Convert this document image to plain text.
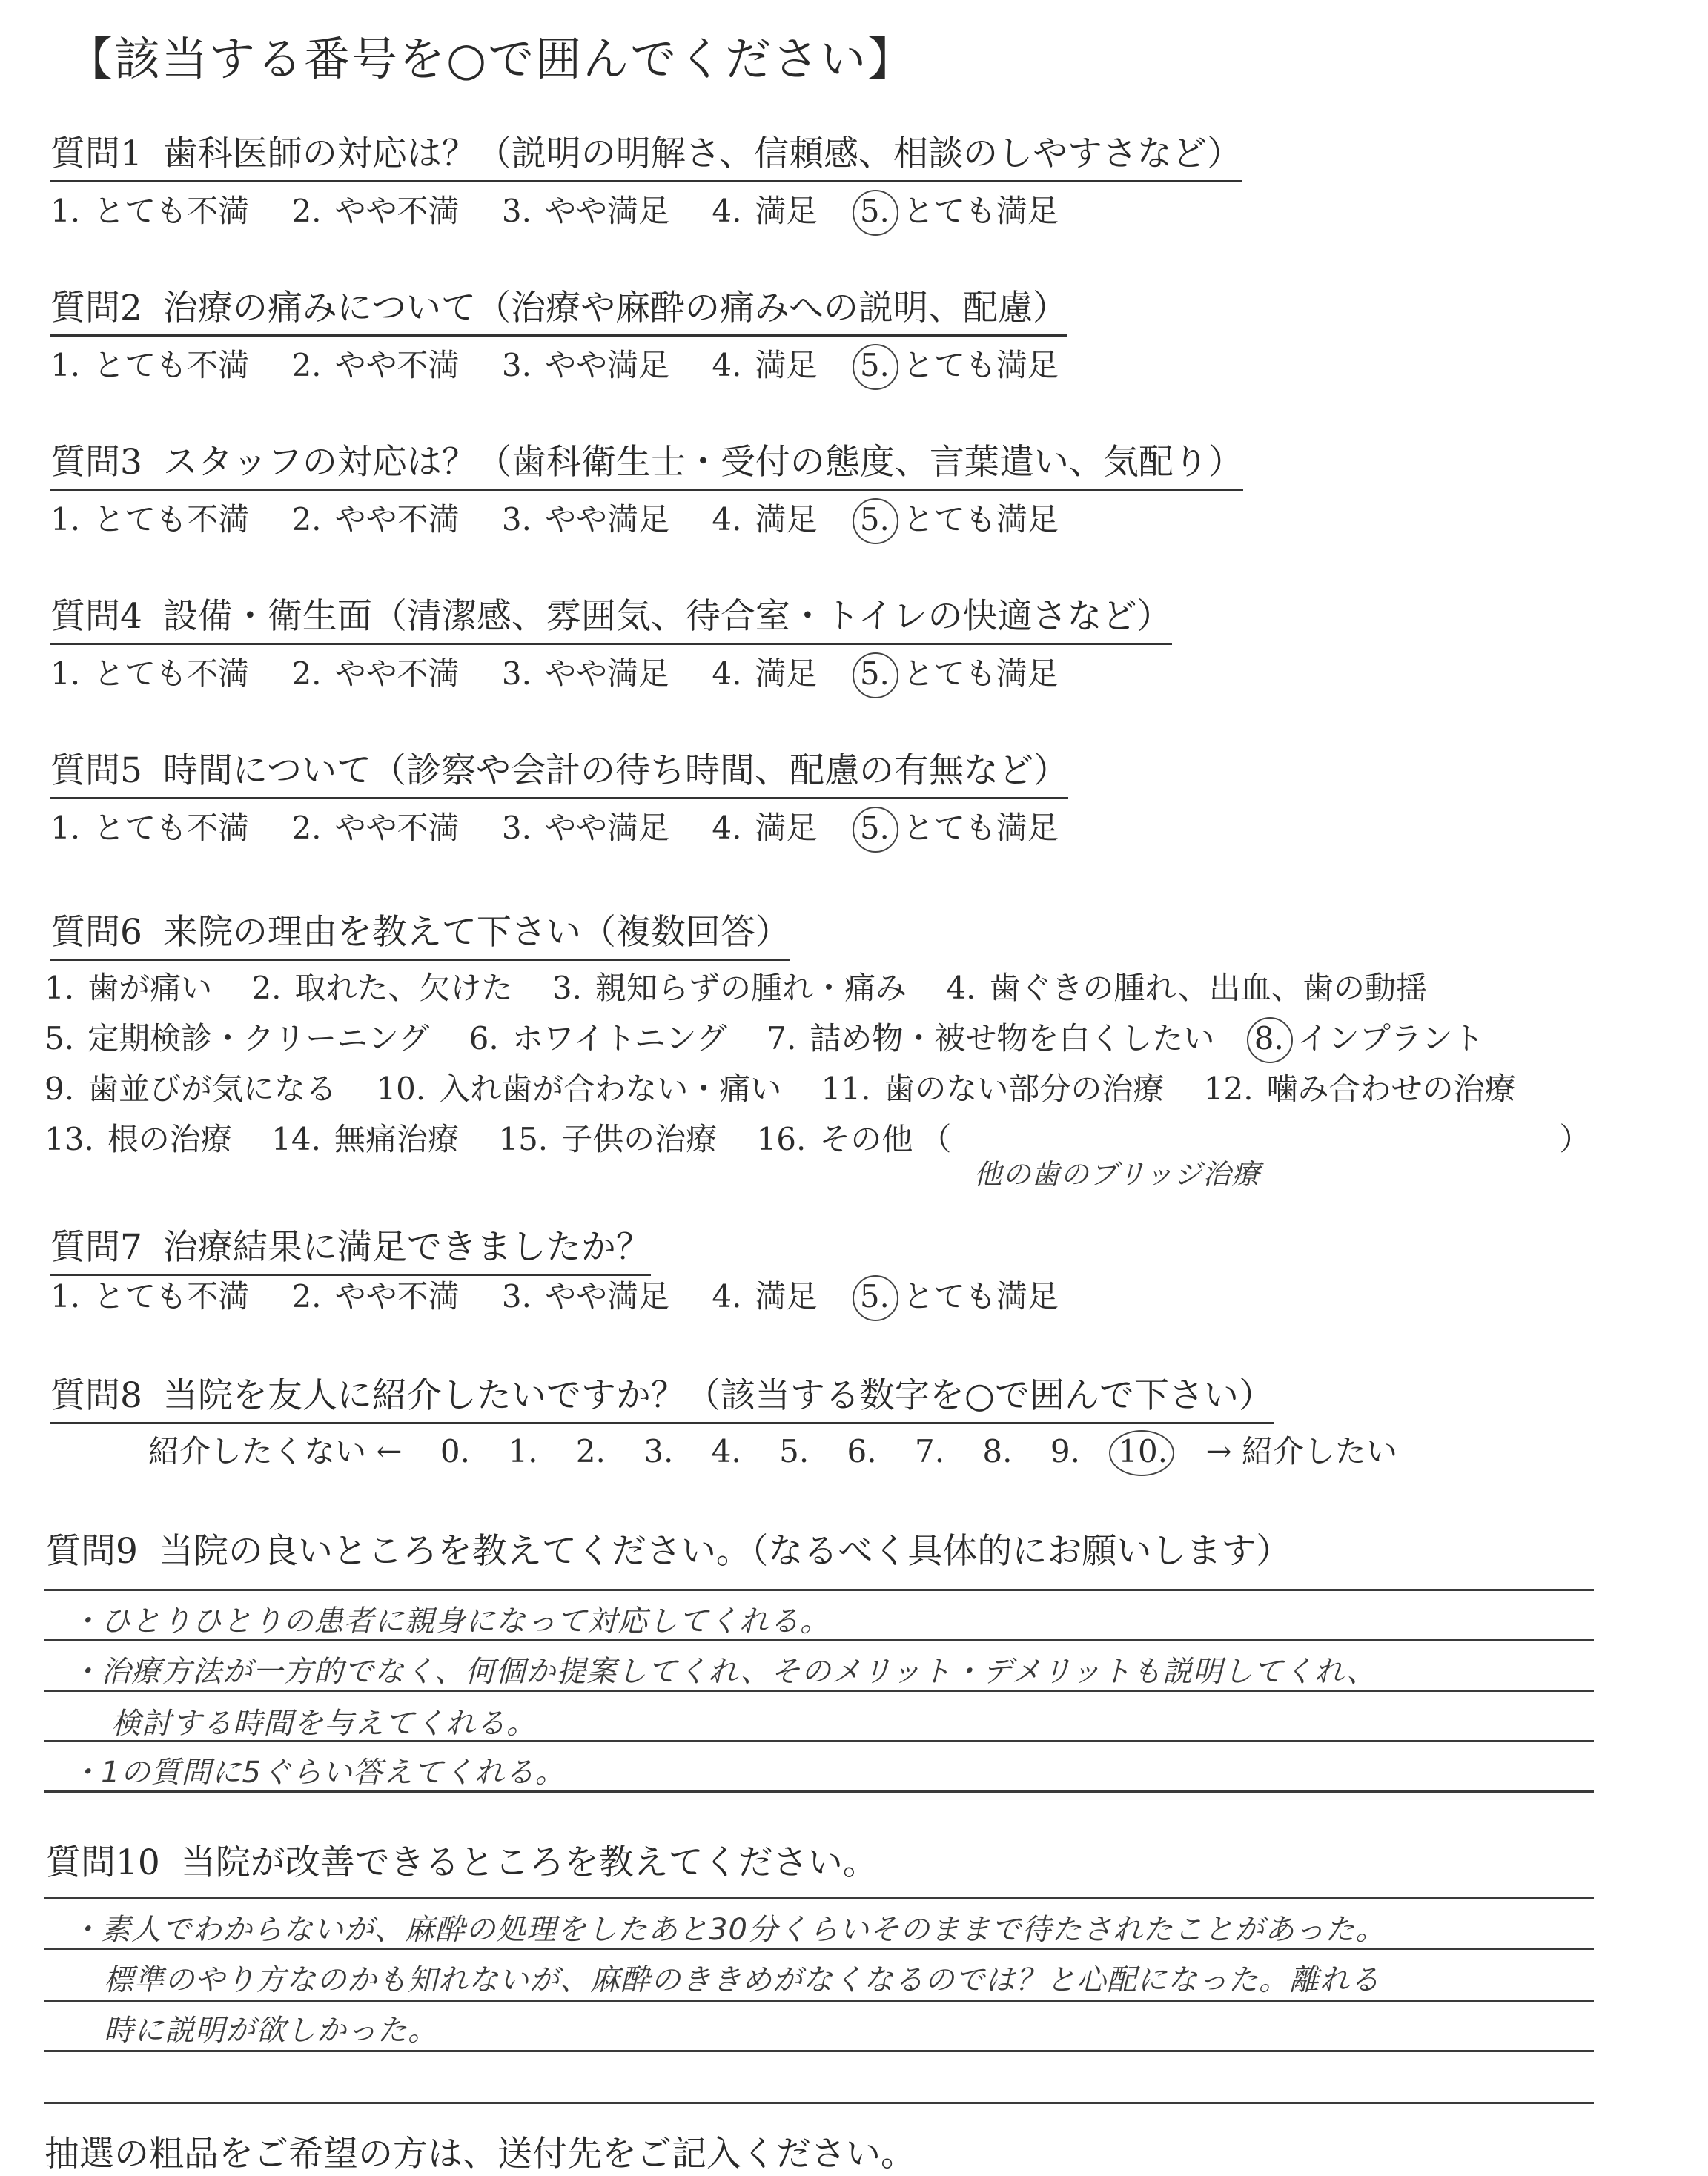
【該当する番号を○で囲んでください】
質問1 歯科医師の対応は？（説明の明解さ、信頼感、相談のしやすさなど）
1. とても不満 2. やや不満 3. やや満足 4. 満足 5. とても満足
質問2 治療の痛みについて（治療や麻酔の痛みへの説明、配慮）
1. とても不満 2. やや不満 3. やや満足 4. 満足 5. とても満足
質問3 スタッフの対応は？（歯科衛生士・受付の態度、言葉遣い、気配り）
1. とても不満 2. やや不満 3. やや満足 4. 満足 5. とても満足
質問4 設備・衛生面（清潔感、雰囲気、待合室・トイレの快適さなど）
1. とても不満 2. やや不満 3. やや満足 4. 満足 5. とても満足
質問5 時間について（診察や会計の待ち時間、配慮の有無など）
1. とても不満 2. やや不満 3. やや満足 4. 満足 5. とても満足
質問6 来院の理由を教えて下さい（複数回答）
1. 歯が痛い 2. 取れた、欠けた 3. 親知らずの腫れ・痛み 4. 歯ぐきの腫れ、出血、歯の動揺
5. 定期検診・クリーニング 6. ホワイトニング 7. 詰め物・被せ物を白くしたい 8. インプラント
9. 歯並びが気になる 10. 入れ歯が合わない・痛い 11. 歯のない部分の治療 12. 噛み合わせの治療
13. 根の治療 14. 無痛治療 15. 子供の治療 16. その他 （
他の歯のブリッジ治療
）
質問7 治療結果に満足できましたか？
1. とても不満 2. やや不満 3. やや満足 4. 満足 5. とても満足
質問8 当院を友人に紹介したいですか？（該当する数字を○で囲んで下さい）
紹介したくない ← 0. 1. 2. 3. 4. 5. 6. 7. 8. 9. 10. → 紹介したい
質問9 当院の良いところを教えてください。（なるべく具体的にお願いします）
・ひとりひとりの患者に親身になって対応してくれる。
・治療方法が一方的でなく、何個か提案してくれ、そのメリット・デメリットも説明してくれ、
検討する時間を与えてくれる。
・1の質問に5ぐらい答えてくれる。
質問10 当院が改善できるところを教えてください。
・素人でわからないが、麻酔の処理をしたあと30分くらいそのままで待たされたことがあった。
標準のやり方なのかも知れないが、麻酔のききめがなくなるのでは？と心配になった。離れる
時に説明が欲しかった。
抽選の粗品をご希望の方は、送付先をご記入ください。
